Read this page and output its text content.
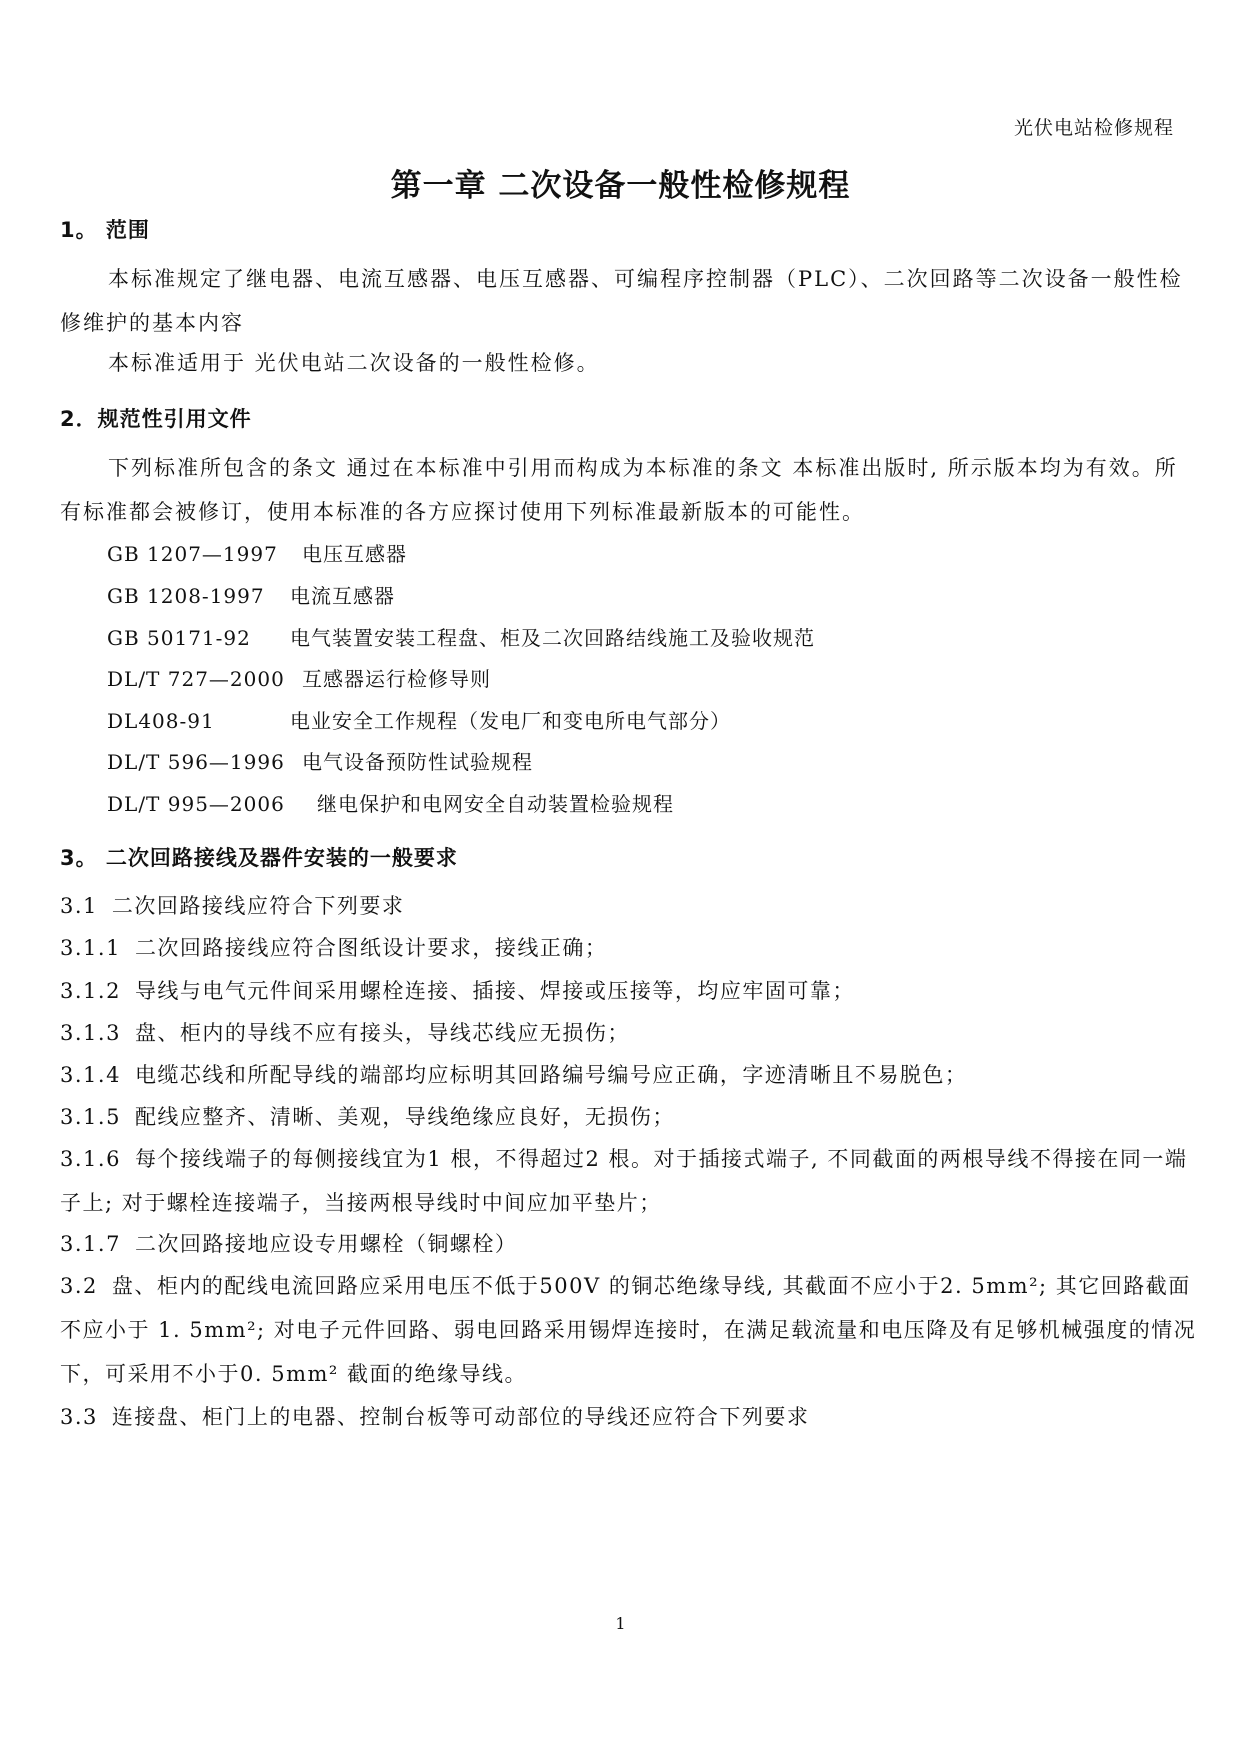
光伏电站检修规程
第一章 二次设备一般性检修规程
1。 范围

本标准规定了继电器、电流互感器、电压互感器、可编程序控制器（PLC）、二次回路等二次设备一般性检修维护的基本内容

本标准适用于 光伏电站二次设备的一般性检修。

2．规范性引用文件

下列标准所包含的条文 通过在本标准中引用而构成为本标准的条文 本标准出版时, 所示版本均为有效。所有标准都会被修订，使用本标准的各方应探讨使用下列标准最新版本的可能性。

GB 1207—1997 电压互感器
GB 1208-1997 电流互感器
GB 50171-92 电气装置安装工程盘、柜及二次回路结线施工及验收规范
DL/T 727—2000 互感器运行检修导则
DL408-91	电业安全工作规程（发电厂和变电所电气部分）
DL/T 596—1996 电气设备预防性试验规程
DL/T 995—2006 继电保护和电网安全自动装置检验规程
3。 二次回路接线及器件安装的一般要求

3.1 二次回路接线应符合下列要求

3.1.1 二次回路接线应符合图纸设计要求，接线正确；

3.1.2 导线与电气元件间采用螺栓连接、插接、焊接或压接等，均应牢固可靠；

3.1.3 盘、柜内的导线不应有接头，导线芯线应无损伤；

3.1.4 电缆芯线和所配导线的端部均应标明其回路编号编号应正确，字迹清晰且不易脱色；

3.1.5 配线应整齐、清晰、美观，导线绝缘应良好，无损伤；

3.1.6 每个接线端子的每侧接线宜为1 根，不得超过2 根。对于插接式端子, 不同截面的两根导线不得接在同一端子上; 对于螺栓连接端子，当接两根导线时中间应加平垫片；

3.1.7 二次回路接地应设专用螺栓（铜螺栓）

3.2 盘、柜内的配线电流回路应采用电压不低于500V 的铜芯绝缘导线, 其截面不应小于2. 5mm²; 其它回路截面不应小于 1. 5mm²; 对电子元件回路、弱电回路采用锡焊连接时，在满足载流量和电压降及有足够机械强度的情况下，可采用不小于0. 5mm² 截面的绝缘导线。

3.3 连接盘、柜门上的电器、控制台板等可动部位的导线还应符合下列要求

1
